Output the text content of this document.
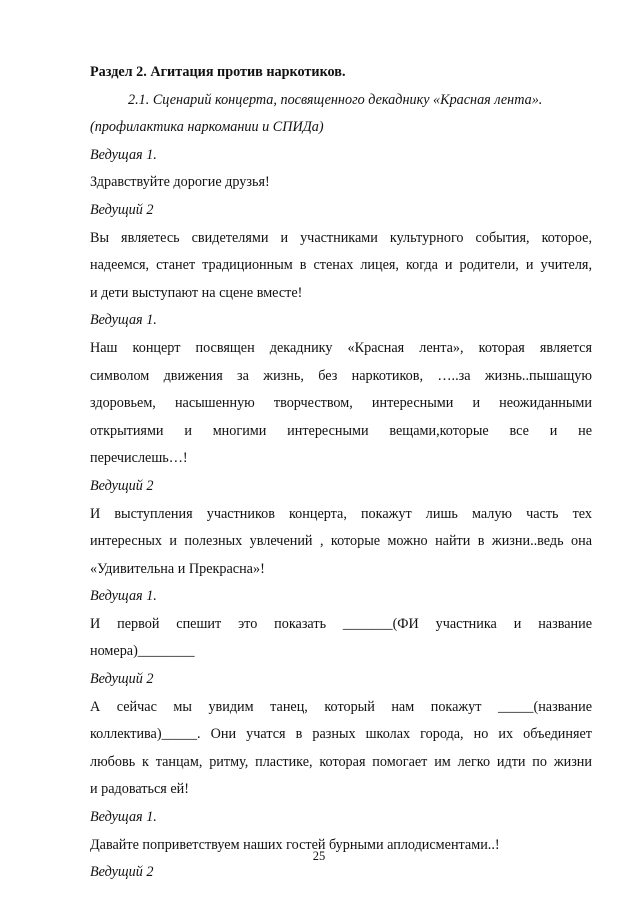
Раздел 2. Агитация против наркотиков.
2.1. Сценарий концерта, посвященного декаднику «Красная лента».
(профилактика наркомании и СПИДа)
Ведущая 1.
Здравствуйте дорогие друзья!
Ведущий 2
Вы являетесь свидетелями и участниками культурного события, которое,
надеемся, станет традиционным в стенах лицея, когда и родители, и учителя,
и дети выступают на сцене вместе!
Ведущая 1.
Наш концерт посвящен декаднику «Красная лента», которая является
символом движения за жизнь, без наркотиков, …..за жизнь..пышащую
здоровьем, насышенную творчеством, интересными и неожиданными
открытиями и многими интересными вещами,которые все и не
перечислешь…!
Ведущий 2
И выступления участников концерта, покажут лишь малую часть тех
интересных и полезных увлечений , которые можно найти в жизни..ведь она
«Удивительна и Прекрасна»!
Ведущая 1.
И первой спешит это показать _______(ФИ участника и название
номера)________
Ведущий 2
А сейчас мы увидим танец, который нам покажут _____(название
коллектива)_____. Они учатся в разных школах города, но их объединяет
любовь к танцам, ритму, пластике, которая помогает им легко идти по жизни
и радоваться ей!
Ведущая 1.
Давайте поприветствуем наших гостей бурными аплодисментами..!
Ведущий 2
25
